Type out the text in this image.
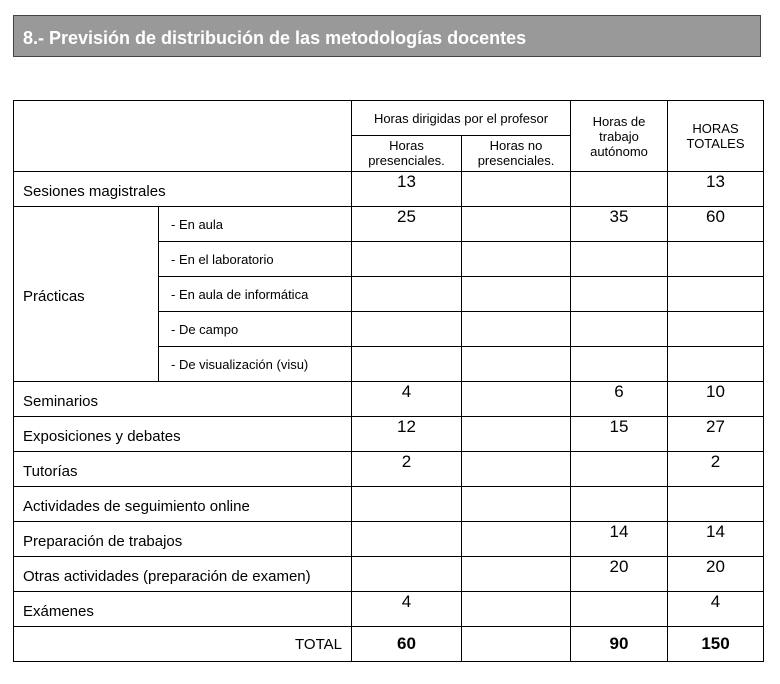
8.- Previsión de distribución de las metodologías docentes
		Horas dirigidas por el profesor		Horas de trabajo autónomo	HORAS TOTALES
		Horas presenciales.	Horas no presenciales.		
Sesiones magistrales		13			13
Prácticas	- En aula	25		35	60
	- En el laboratorio				
	- En aula de informática				
	- De campo				
	- De visualización (visu)				
Seminarios		4		6	10
Exposiciones y debates		12		15	27
Tutorías		2			2
Actividades de seguimiento online					
Preparación de trabajos				14	14
Otras actividades (preparación de examen)				20	20
Exámenes		4			4
TOTAL		60		90	150
